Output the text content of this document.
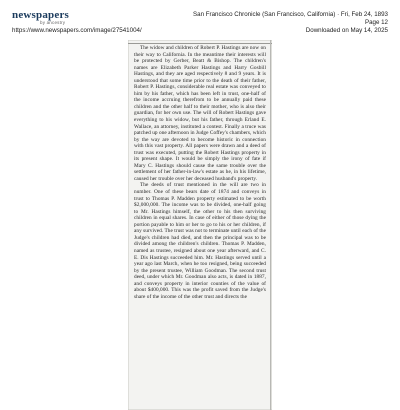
newspapers
by ancestry
San Francisco Chronicle (San Francisco, California) · Fri, Feb 24, 1893
Page 12
https://www.newspapers.com/image/27541004/	Downloaded on May 14, 2025

The widow and children of Robert P. Hastings are now on their way to California. In the meantime their interests will be protected by Gerber, Beatt & Bishop. The children's names are Elizabeth Parker Hastings and Harry Gosbill Hastings, and they are aged respectively 8 and 9 years. It is understood that some time prior to the death of their father, Robert P. Hastings, considerable real estate was conveyed to him by his father, which has been left in trust, one-half of the income accruing therefrom to be annually paid these children and the other half to their mother, who is also their guardian, for her own use. The will of Robert Hastings gave everything to his widow, but his father, through Erland E. Wallace, an attorney, instituted a contest. Finally a truce was patched up one afternoon in Judge Coffey's chambers, which by the way are devoted to become historic in connection with this vast property. All papers were drawn and a deed of trust was executed, putting the Robert Hastings property in its present shape. It would be simply the irony of fate if Mary C. Hastings should cause the same trouble over the settlement of her father-in-law's estate as he, in his lifetime, caused her trouble over her deceased husband's property.

The deeds of trust mentioned in the will are two in number. One of these bears date of 1874 and conveys in trust to Thomas P. Madden property estimated to be worth $2,000,000. The income was to be divided, one-half going to Mr. Hastings himself, the other to his then surviving children in equal shares. In case of either of those dying the portion payable to him or her to go to his or her children, if any survived. The trust was not to terminate until each of the Judge's children had died, and then the principal was to be divided among the children's children. Thomas P. Madden, named as trustee, resigned about one year afterward, and C. E. Dis Hastings succeeded him. Mr. Hastings served until a year ago last March, when he too resigned, being succeeded by the present trustee, William Goodman. The second trust deed, under which Mr. Goodman also acts, is dated in 1887, and conveys property in interior counties of the value of about $400,000. This was the profit saved from the Judge's share of the income of the other trust and directs the
